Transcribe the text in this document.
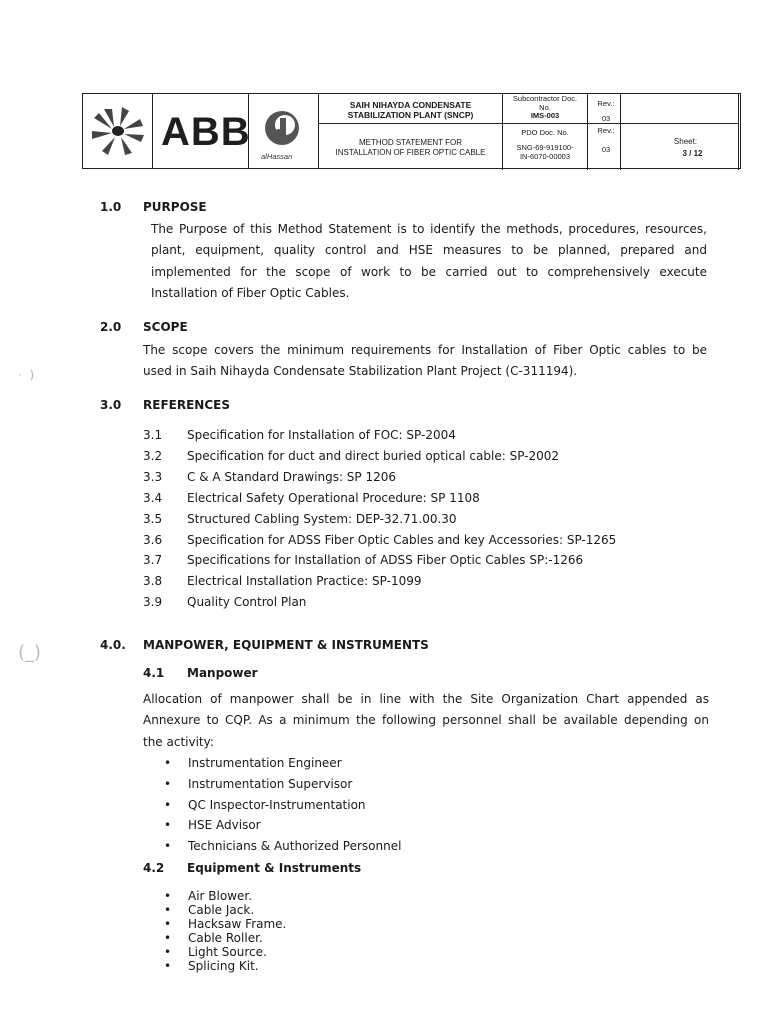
ABB
alHassan
SAIH NIHAYDA CONDENSATE
STABILIZATION PLANT (SNCP)
METHOD STATEMENT FOR
INSTALLATION OF FIBER OPTIC CABLE
Subcontractor Doc.
No.
IMS-003
PDO Doc. No.
SNG-69-919100-
IN-6070-00003
Rev.:
03
Rev.:
03
Sheet:
3 / 12
·  )
(_)
1.0 PURPOSE
The Purpose of this Method Statement is to identify the methods, procedures, resources,
plant, equipment, quality control and HSE measures to be planned, prepared and
implemented for the scope of work to be carried out to comprehensively execute
Installation of Fiber Optic Cables.
2.0 SCOPE
The scope covers the minimum requirements for Installation of Fiber Optic cables to be
used in Saih Nihayda Condensate Stabilization Plant Project (C-311194).
3.0 REFERENCES
3.1 Specification for Installation of FOC: SP-2004
3.2 Specification for duct and direct buried optical cable: SP-2002
3.3 C & A Standard Drawings: SP 1206
3.4 Electrical Safety Operational Procedure: SP 1108
3.5 Structured Cabling System: DEP-32.71.00.30
3.6 Specification for ADSS Fiber Optic Cables and key Accessories: SP-1265
3.7 Specifications for Installation of ADSS Fiber Optic Cables SP:-1266
3.8 Electrical Installation Practice: SP-1099
3.9 Quality Control Plan
4.0. MANPOWER, EQUIPMENT & INSTRUMENTS
4.1 Manpower
Allocation of manpower shall be in line with the Site Organization Chart appended as
Annexure to CQP. As a minimum the following personnel shall be available depending on
the activity:
• Instrumentation Engineer
• Instrumentation Supervisor
• QC Inspector-Instrumentation
• HSE Advisor
• Technicians & Authorized Personnel
4.2 Equipment & Instruments
• Air Blower.
• Cable Jack.
• Hacksaw Frame.
• Cable Roller.
• Light Source.
• Splicing Kit.
